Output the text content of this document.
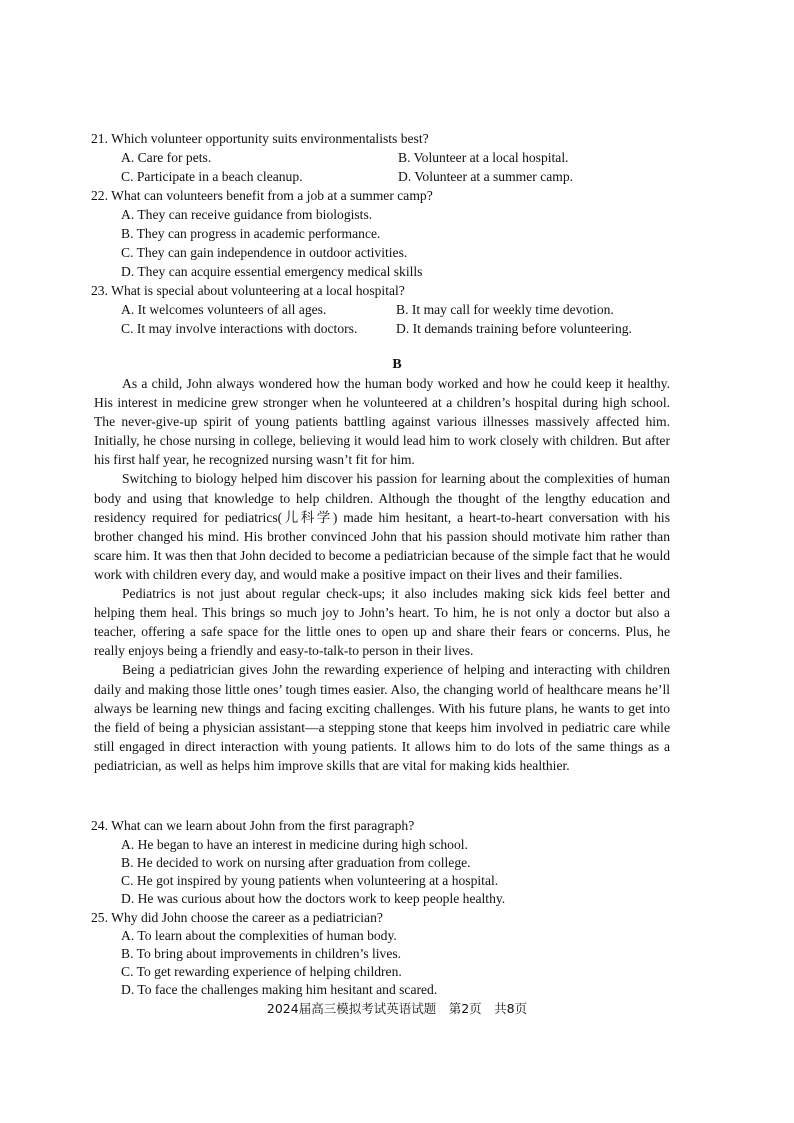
21. Which volunteer opportunity suits environmentalists best?
A. Care for pets.	B. Volunteer at a local hospital.
C. Participate in a beach cleanup.	D. Volunteer at a summer camp.
22. What can volunteers benefit from a job at a summer camp?
A. They can receive guidance from biologists.
B. They can progress in academic performance.
C. They can gain independence in outdoor activities.
D. They can acquire essential emergency medical skills
23. What is special about volunteering at a local hospital?
A. It welcomes volunteers of all ages.	B. It may call for weekly time devotion.
C. It may involve interactions with doctors.	D. It demands training before volunteering.
B

As a child, John always wondered how the human body worked and how he could keep it healthy. His interest in medicine grew stronger when he volunteered at a children’s hospital during high school. The never-give-up spirit of young patients battling against various illnesses massively affected him. Initially, he chose nursing in college, believing it would lead him to work closely with children. But after his first half year, he recognized nursing wasn’t fit for him.

Switching to biology helped him discover his passion for learning about the complexities of human body and using that knowledge to help children. Although the thought of the lengthy education and residency required for pediatrics(儿科学) made him hesitant, a heart-to-heart conversation with his brother changed his mind. His brother convinced John that his passion should motivate him rather than scare him. It was then that John decided to become a pediatrician because of the simple fact that he would work with children every day, and would make a positive impact on their lives and their families.

Pediatrics is not just about regular check-ups; it also includes making sick kids feel better and helping them heal. This brings so much joy to John’s heart. To him, he is not only a doctor but also a teacher, offering a safe space for the little ones to open up and share their fears or concerns. Plus, he really enjoys being a friendly and easy-to-talk-to person in their lives.

Being a pediatrician gives John the rewarding experience of helping and interacting with children daily and making those little ones’ tough times easier. Also, the changing world of healthcare means he’ll always be learning new things and facing exciting challenges. With his future plans, he wants to get into the field of being a physician assistant—a stepping stone that keeps him involved in pediatric care while still engaged in direct interaction with young patients. It allows him to do lots of the same things as a pediatrician, as well as helps him improve skills that are vital for making kids healthier.

24. What can we learn about John from the first paragraph?
A. He began to have an interest in medicine during high school.
B. He decided to work on nursing after graduation from college.
C. He got inspired by young patients when volunteering at a hospital.
D. He was curious about how the doctors work to keep people healthy.
25. Why did John choose the career as a pediatrician?
A. To learn about the complexities of human body.
B. To bring about improvements in children’s lives.
C. To get rewarding experience of helping children.
D. To face the challenges making him hesitant and scared.
2024届高三模拟考试英语试题　第2页　共8页
